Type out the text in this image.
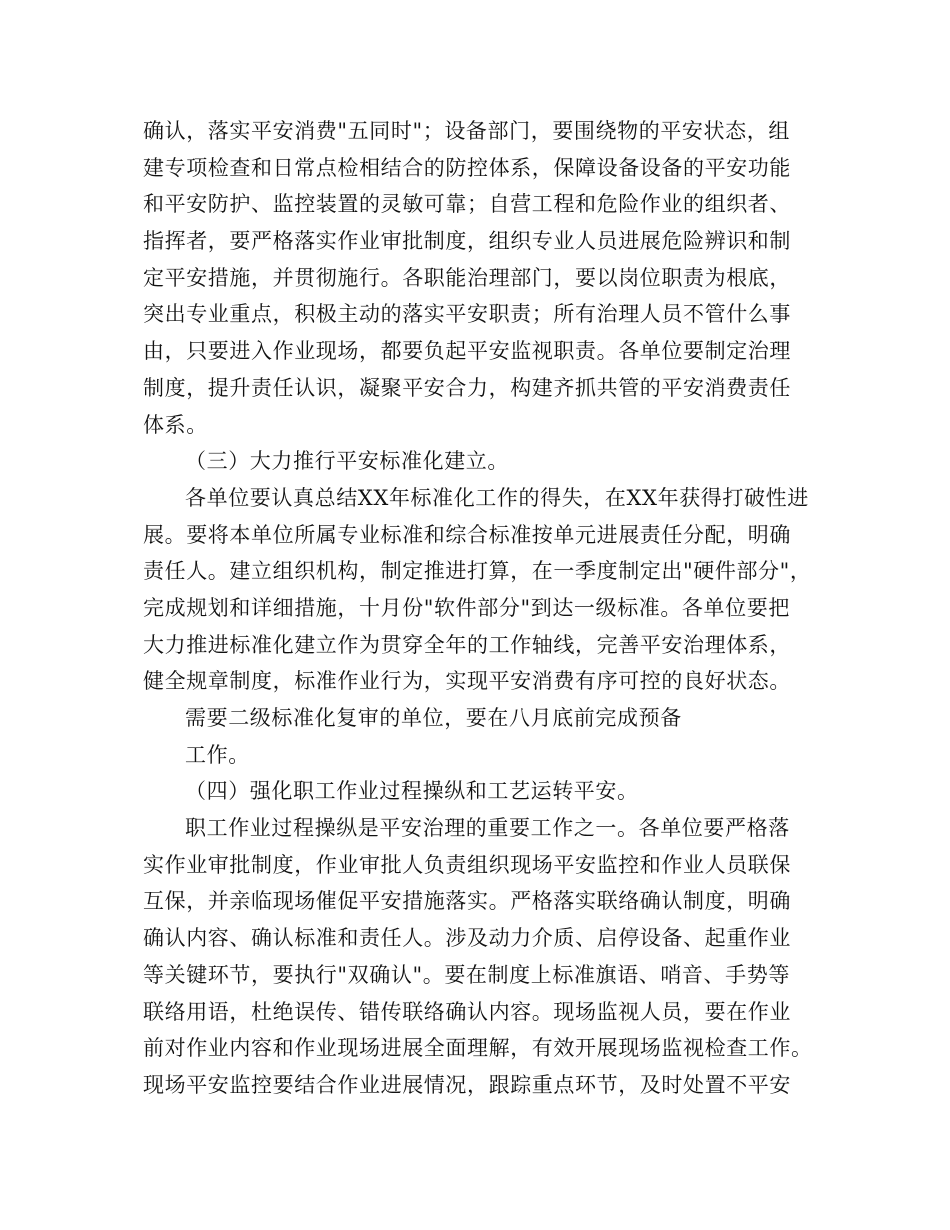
确认，落实平安消费"五同时"；设备部门，要围绕物的平安状态，组
建专项检查和日常点检相结合的防控体系，保障设备设备的平安功能
和平安防护、监控装置的灵敏可靠；自营工程和危险作业的组织者、
指挥者，要严格落实作业审批制度，组织专业人员进展危险辨识和制
定平安措施，并贯彻施行。各职能治理部门，要以岗位职责为根底，
突出专业重点，积极主动的落实平安职责；所有治理人员不管什么事
由，只要进入作业现场，都要负起平安监视职责。各单位要制定治理
制度，提升责任认识，凝聚平安合力，构建齐抓共管的平安消费责任
体系。
（三）大力推行平安标准化建立。
各单位要认真总结XX年标准化工作的得失，在XX年获得打破性进
展。要将本单位所属专业标准和综合标准按单元进展责任分配，明确
责任人。建立组织机构，制定推进打算，在一季度制定出"硬件部分"，
完成规划和详细措施，十月份"软件部分"到达一级标准。各单位要把
大力推进标准化建立作为贯穿全年的工作轴线，完善平安治理体系，
健全规章制度，标准作业行为，实现平安消费有序可控的良好状态。
需要二级标准化复审的单位，要在八月底前完成预备
工作。
（四）强化职工作业过程操纵和工艺运转平安。
职工作业过程操纵是平安治理的重要工作之一。各单位要严格落
实作业审批制度，作业审批人负责组织现场平安监控和作业人员联保
互保，并亲临现场催促平安措施落实。严格落实联络确认制度，明确
确认内容、确认标准和责任人。涉及动力介质、启停设备、起重作业
等关键环节，要执行"双确认"。要在制度上标准旗语、哨音、手势等
联络用语，杜绝误传、错传联络确认内容。现场监视人员，要在作业
前对作业内容和作业现场进展全面理解，有效开展现场监视检查工作。
现场平安监控要结合作业进展情况，跟踪重点环节，及时处置不平安
